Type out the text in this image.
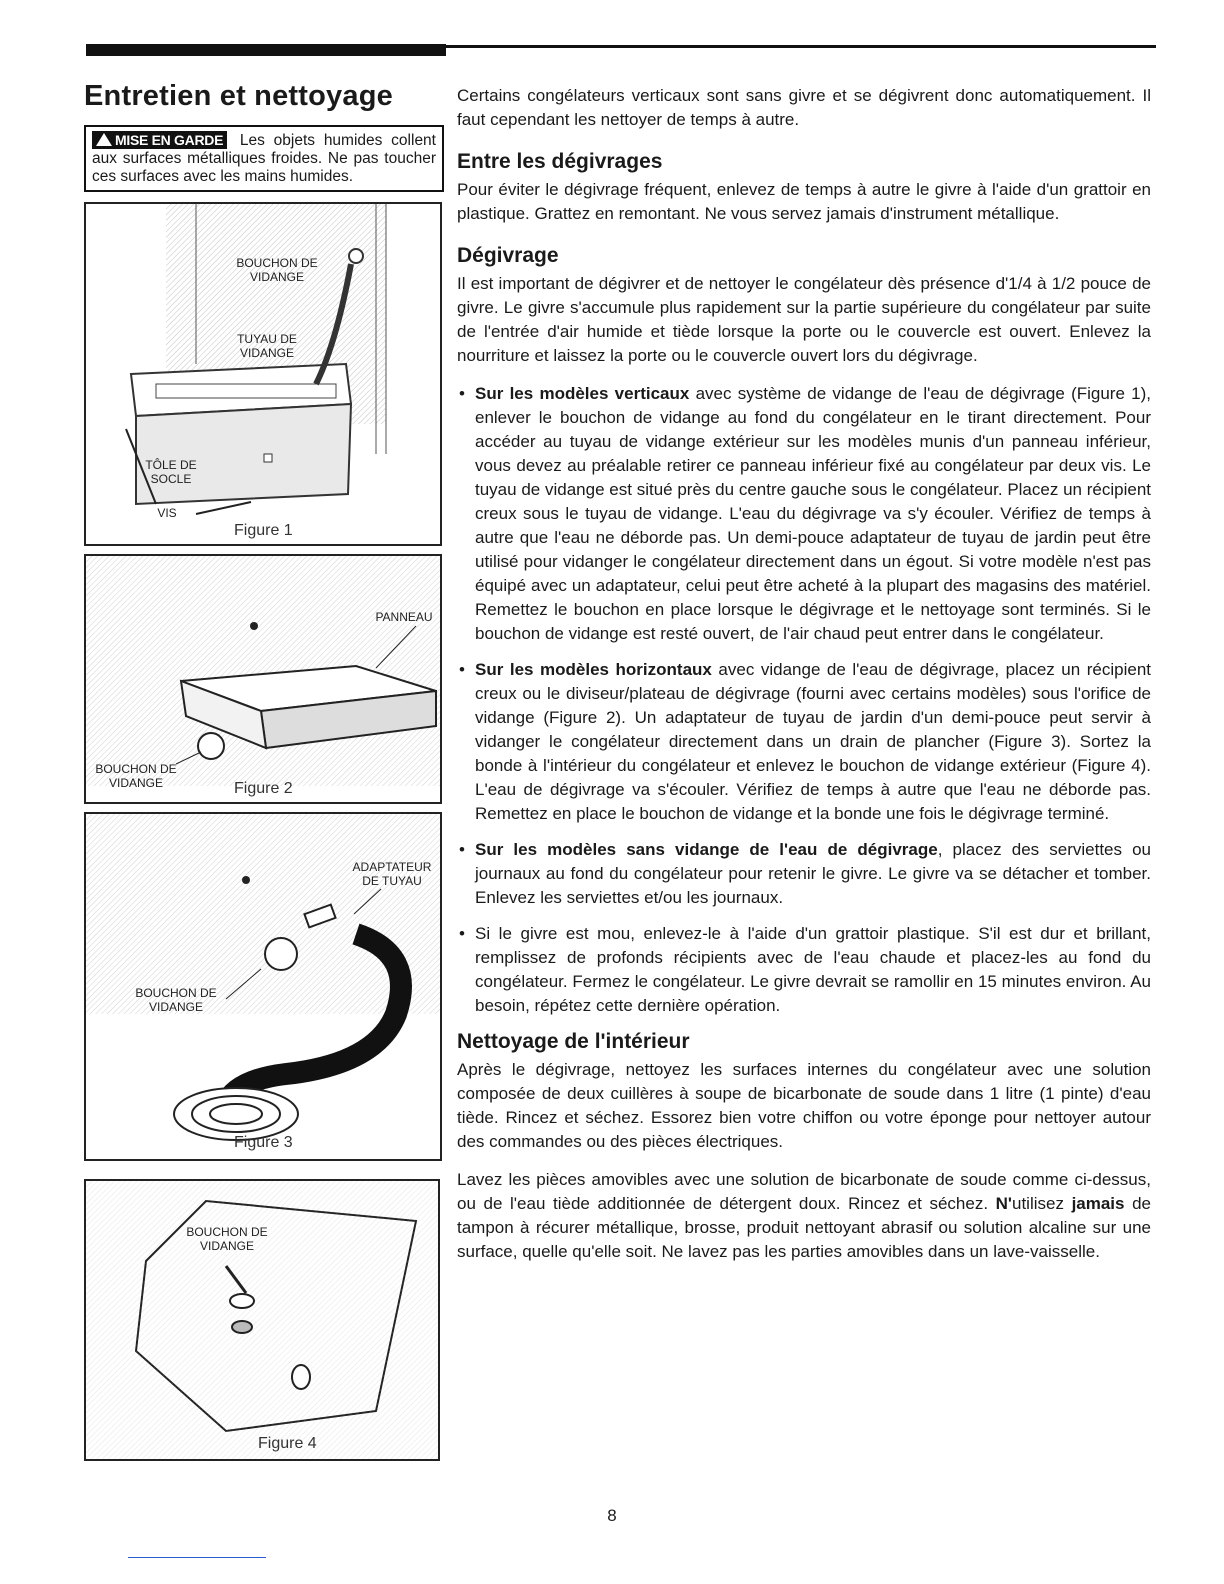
Entretien et nettoyage
MISE EN GARDE Les objets humides collent aux surfaces métalliques froides. Ne pas toucher ces surfaces avec les mains humides.
BOUCHON DE VIDANGE
TUYAU DE VIDANGE
TÔLE DE SOCLE
VIS
Figure 1
PANNEAU
BOUCHON DE VIDANGE	Figure 2
ADAPTATEUR DE TUYAU
BOUCHON DE VIDANGE
Figure 3
BOUCHON DE VIDANGE
Figure 4

Certains congélateurs verticaux sont sans givre et se dégivrent donc automatiquement. Il faut cependant les nettoyer de temps à autre.

Entre les dégivrages

Pour éviter le dégivrage fréquent, enlevez de temps à autre le givre à l'aide d'un grattoir en plastique. Grattez en remontant. Ne vous servez jamais d'instrument métallique.

Dégivrage

Il est important de dégivrer et de nettoyer le congélateur dès présence d'1/4 à 1/2 pouce de givre. Le givre s'accumule plus rapidement sur la partie supérieure du congélateur par suite de l'entrée d'air humide et tiède lorsque la porte ou le couvercle est ouvert. Enlevez la nourriture et laissez la porte ou le couvercle ouvert lors du dégivrage.

• Sur les modèles verticaux avec système de vidange de l'eau de dégivrage (Figure 1), enlever le bouchon de vidange au fond du congélateur en le tirant directement. Pour accéder au tuyau de vidange extérieur sur les modèles munis d'un panneau inférieur, vous devez au préalable retirer ce panneau inférieur fixé au congélateur par deux vis. Le tuyau de vidange est situé près du centre gauche sous le congélateur. Placez un récipient creux sous le tuyau de vidange. L'eau du dégivrage va s'y écouler. Vérifiez de temps à autre que l'eau ne déborde pas. Un demi-pouce adaptateur de tuyau de jardin peut être utilisé pour vidanger le congélateur directement dans un égout. Si votre modèle n'est pas équipé avec un adaptateur, celui peut être acheté à la plupart des magasins des matériel. Remettez le bouchon en place lorsque le dégivrage et le nettoyage sont terminés. Si le bouchon de vidange est resté ouvert, de l'air chaud peut entrer dans le congélateur.
• Sur les modèles horizontaux avec vidange de l'eau de dégivrage, placez un récipient creux ou le diviseur/plateau de dégivrage (fourni avec certains modèles) sous l'orifice de vidange (Figure 2). Un adaptateur de tuyau de jardin d'un demi-pouce peut servir à vidanger le congélateur directement dans un drain de plancher (Figure 3). Sortez la bonde à l'intérieur du congélateur et enlevez le bouchon de vidange extérieur (Figure 4). L'eau de dégivrage va s'écouler. Vérifiez de temps à autre que l'eau ne déborde pas. Remettez en place le bouchon de vidange et la bonde une fois le dégivrage terminé.
• Sur les modèles sans vidange de l'eau de dégivrage, placez des serviettes ou journaux au fond du congélateur pour retenir le givre. Le givre va se détacher et tomber. Enlevez les serviettes et/ou les journaux.
• Si le givre est mou, enlevez-le à l'aide d'un grattoir plastique. S'il est dur et brillant, remplissez de profonds récipients avec de l'eau chaude et placez-les au fond du congélateur. Fermez le congélateur. Le givre devrait se ramollir en 15 minutes environ. Au besoin, répétez cette dernière opération.
Nettoyage de l'intérieur

Après le dégivrage, nettoyez les surfaces internes du congélateur avec une solution composée de deux cuillères à soupe de bicarbonate de soude dans 1 litre (1 pinte) d'eau tiède. Rincez et séchez. Essorez bien votre chiffon ou votre éponge pour nettoyer autour des commandes ou des pièces électriques.

Lavez les pièces amovibles avec une solution de bicarbonate de soude comme ci-dessus, ou de l'eau tiède additionnée de détergent doux. Rincez et séchez. N'utilisez jamais de tampon à récurer métallique, brosse, produit nettoyant abrasif ou solution alcaline sur une surface, quelle qu'elle soit. Ne lavez pas les parties amovibles dans un lave-vaisselle.

8
